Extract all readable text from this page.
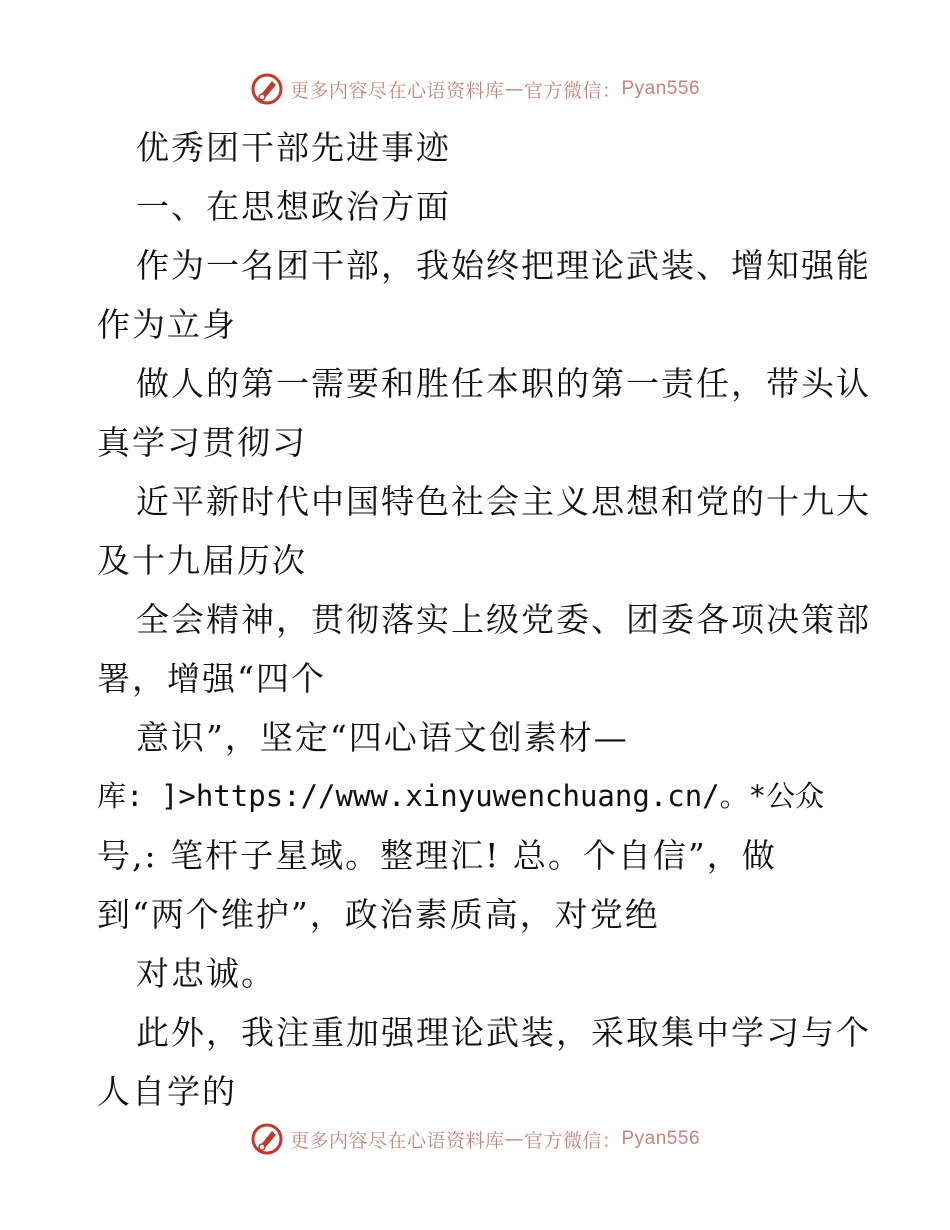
更多内容尽在心语资料库 — 官方微信： Pyan556
优秀团干部先进事迹
一、在思想政治方面
作为一名团干部，我始终把理论武装、增知强能
作为立身
做人的第一需要和胜任本职的第一责任，带头认
真学习贯彻习
近平新时代中国特色社会主义思想和党的十九大
及十九届历次
全会精神，贯彻落实上级党委、团委各项决策部
署，增强“四个
意识”，坚定“四心语文创素材—
库: ]>https://www.xinyuwenchuang.cn/。*公众
号,: 笔杆子星域。整理汇! 总。个自信”，做
到“两个维护”，政治素质高，对党绝
对忠诚。
此外，我注重加强理论武装，采取集中学习与个
人自学的
更多内容尽在心语资料库 — 官方微信： Pyan556
